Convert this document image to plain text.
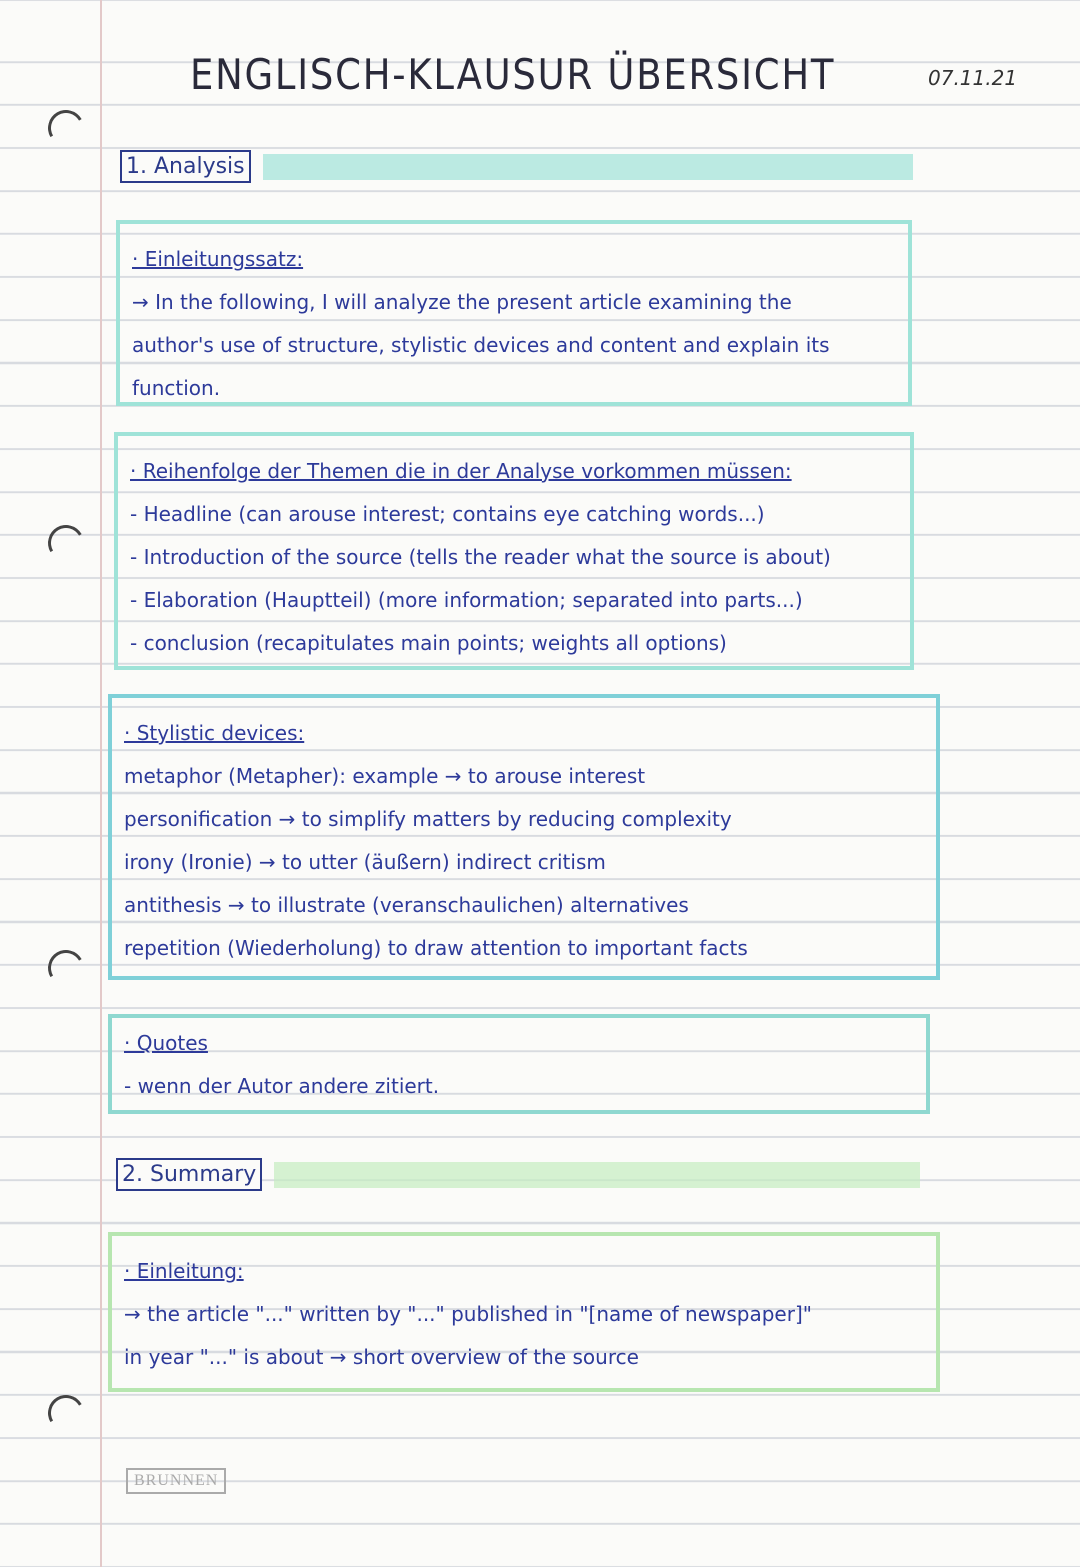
ENGLISCH-KLAUSUR ÜBERSICHT	07.11.21
1. Analysis
· Einleitungssatz:
→ In the following, I will analyze the present article examining the
author's use of structure, stylistic devices and content and explain its
function.
· Reihenfolge der Themen die in der Analyse vorkommen müssen:
- Headline (can arouse interest; contains eye catching words...)
- Introduction of the source (tells the reader what the source is about)
- Elaboration (Hauptteil) (more information; separated into parts...)
- conclusion (recapitulates main points; weights all options)
· Stylistic devices:
metaphor (Metapher): example → to arouse interest
personification → to simplify matters by reducing complexity
irony (Ironie) → to utter (äußern) indirect critism
antithesis → to illustrate (veranschaulichen) alternatives
repetition (Wiederholung) to draw attention to important facts
· Quotes
- wenn der Autor andere zitiert.
2. Summary
· Einleitung:
→ the article "..." written by "..." published in "[name of newspaper]"
in year "..." is about → short overview of the source
BRUNNEN
